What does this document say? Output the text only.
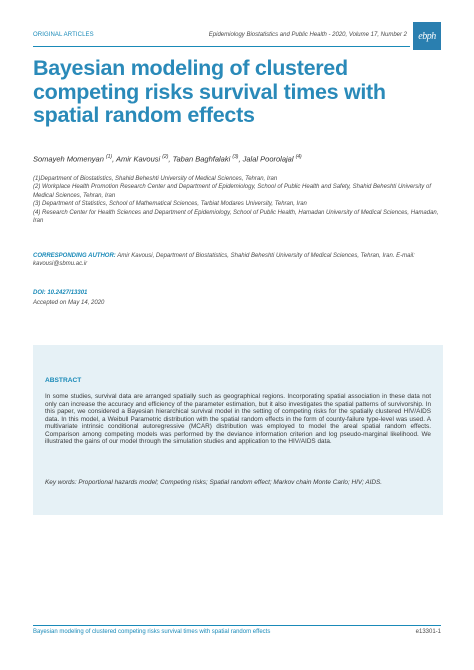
ORIGINAL ARTICLES	Epidemiology Biostatistics and Public Health - 2020, Volume 17, Number 2	ebph
Bayesian modeling of clustered competing risks survival times with spatial random effects
Somayeh Momenyan $^{(1)}$, Amir Kavousi $^{(2)}$, Taban Baghfalaki $^{(3)}$, Jalal Poorolajal $^{(4)}$

(1)Department of Biostatistics, Shahid Beheshti University of Medical Sciences, Tehran, Iran

(2) Workplace Health Promotion Research Center and Department of Epidemiology, School of Public Health and Safety, Shahid Beheshti University of Medical Sciences, Tehran, Iran

(3) Department of Statistics, School of Mathematical Sciences, Tarbiat Modares University, Tehran, Iran

(4) Research Center for Health Sciences and Department of Epidemiology, School of Public Health, Hamadan University of Medical Sciences, Hamadan, Iran

CORRESPONDING AUTHOR: Amir Kavousi, Department of Biostatistics, Shahid Beheshti University of Medical Sciences, Tehran, Iran. E-mail: kavousi@sbmu.ac.ir
DOI: 10.2427/13301
Accepted on May 14, 2020
ABSTRACT

In some studies, survival data are arranged spatially such as geographical regions. Incorporating spatial association in these data not only can increase the accuracy and efficiency of the parameter estimation, but it also investigates the spatial patterns of survivorship. In this paper, we considered a Bayesian hierarchical survival model in the setting of competing risks for the spatially clustered HIV/AIDS data. In this model, a Weibull Parametric distribution with the spatial random effects in the form of county-failure type-level was used. A multivariate intrinsic conditional autoregressive (MCAR) distribution was employed to model the areal spatial random effects. Comparison among competing models was performed by the deviance information criterion and log pseudo-marginal likelihood. We illustrated the gains of our model through the simulation studies and application to the HIV/AIDS data.

Key words: Proportional hazards model; Competing risks; Spatial random effect; Markov chain Monte Carlo; HIV; AIDS.

Bayesian modeling of clustered competing risks survival times with spatial random effects	e13301-1
